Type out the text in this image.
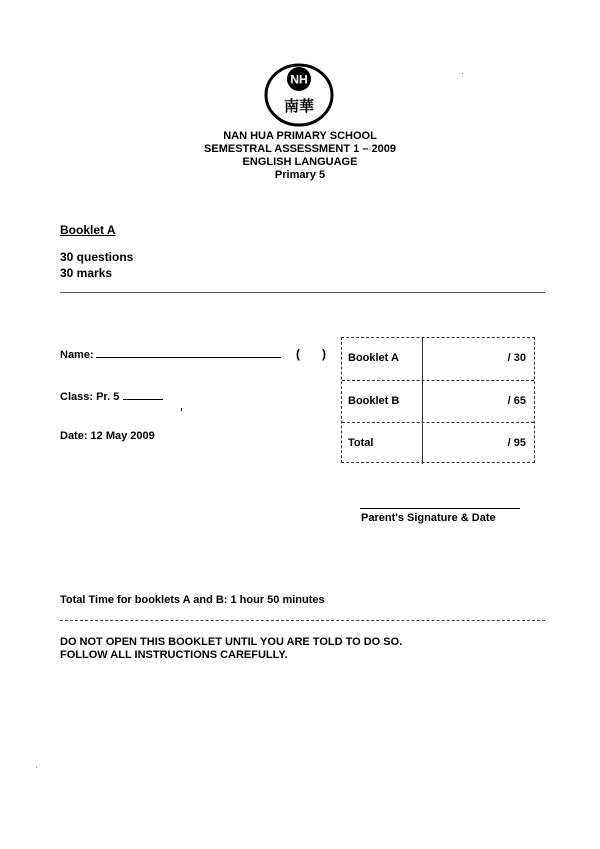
NH
南華
NAN HUA PRIMARY SCHOOL
SEMESTRAL ASSESSMENT 1 – 2009
ENGLISH LANGUAGE
Primary 5
Booklet A
30 questions
30 marks
Name:	( )
Class: Pr. 5
Date: 12 May 2009
Booklet A	/ 30
Booklet B	/ 65
Total	/ 95
Parent's Signature & Date
Total Time for booklets A and B: 1 hour 50 minutes
DO NOT OPEN THIS BOOKLET UNTIL YOU ARE TOLD TO DO SO.
FOLLOW ALL INSTRUCTIONS CAREFULLY.
